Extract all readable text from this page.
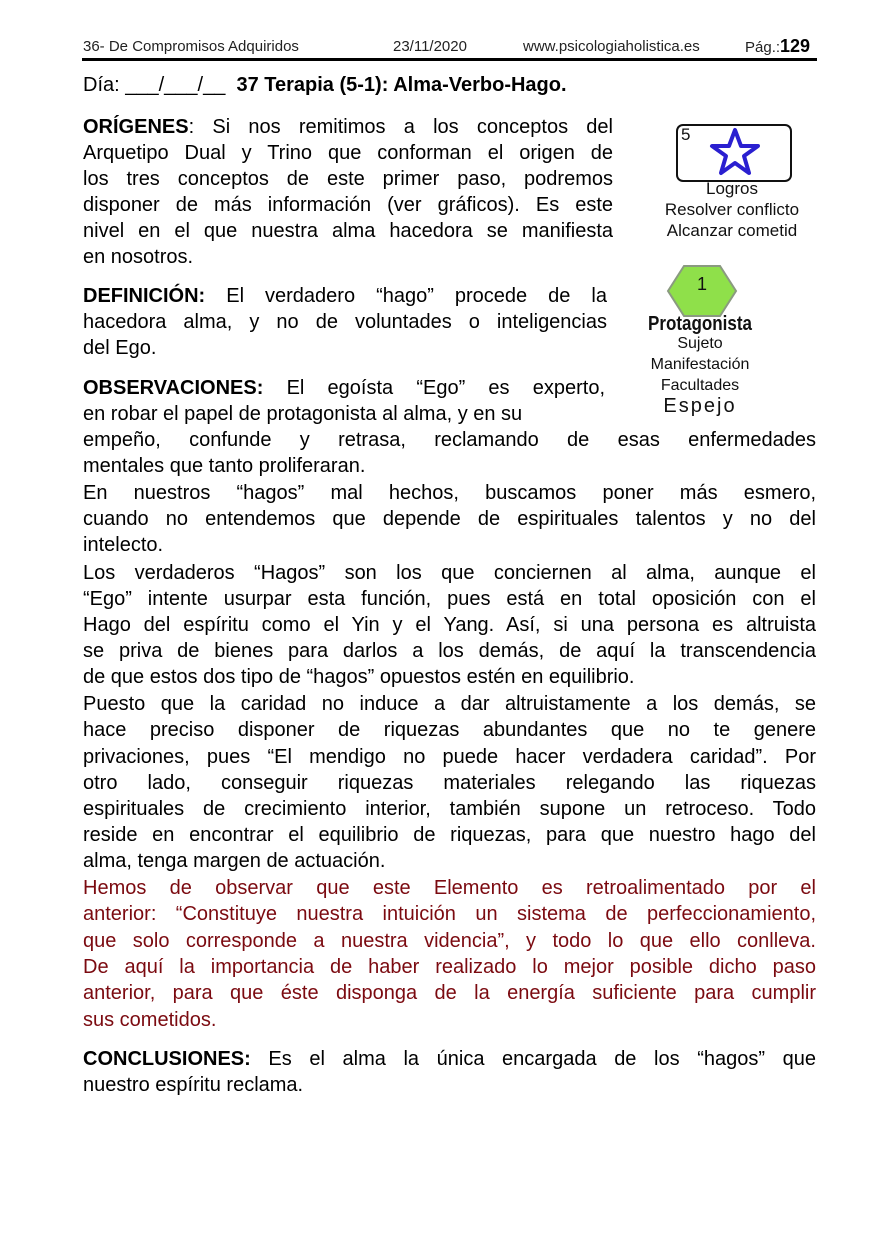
36- De Compromisos Adquiridos	23/11/2020	www.psicologiaholistica.es	Pág.:129
Día: ___/___/__ 37 Terapia (5-1): Alma-Verbo-Hago.
ORÍGENES: Si nos remitimos a los conceptos del
Arquetipo Dual y Trino que conforman el origen de
los tres conceptos de este primer paso, podremos
disponer de más información (ver gráficos). Es este
nivel en el que nuestra alma hacedora se manifiesta
en nosotros.
DEFINICIÓN: El verdadero “hago” procede de la
hacedora alma, y no de voluntades o inteligencias
del Ego.
OBSERVACIONES: El egoísta “Ego” es experto,
en robar el papel de protagonista al alma, y en su
empeño, confunde y retrasa, reclamando de esas enfermedades
mentales que tanto proliferaran.
En nuestros “hagos” mal hechos, buscamos poner más esmero,
cuando no entendemos que depende de espirituales talentos y no del
intelecto.
Los verdaderos “Hagos” son los que conciernen al alma, aunque el
“Ego” intente usurpar esta función, pues está en total oposición con el
Hago del espíritu como el Yin y el Yang. Así, si una persona es altruista
se priva de bienes para darlos a los demás, de aquí la transcendencia
de que estos dos tipo de “hagos” opuestos estén en equilibrio.
Puesto que la caridad no induce a dar altruistamente a los demás, se
hace preciso disponer de riquezas abundantes que no te genere
privaciones, pues “El mendigo no puede hacer verdadera caridad”. Por
otro lado, conseguir riquezas materiales relegando las riquezas
espirituales de crecimiento interior, también supone un retroceso. Todo
reside en encontrar el equilibrio de riquezas, para que nuestro hago del
alma, tenga margen de actuación.
Hemos de observar que este Elemento es retroalimentado por el
anterior: “Constituye nuestra intuición un sistema de perfeccionamiento,
que solo corresponde a nuestra videncia”, y todo lo que ello conlleva.
De aquí la importancia de haber realizado lo mejor posible dicho paso
anterior, para que éste disponga de la energía suficiente para cumplir
sus cometidos.
CONCLUSIONES: Es el alma la única encargada de los “hagos” que
nuestro espíritu reclama.
5
Logros
Resolver conflicto
Alcanzar cometid
1
Protagonista
Sujeto
Manifestación
Facultades
Espejo
